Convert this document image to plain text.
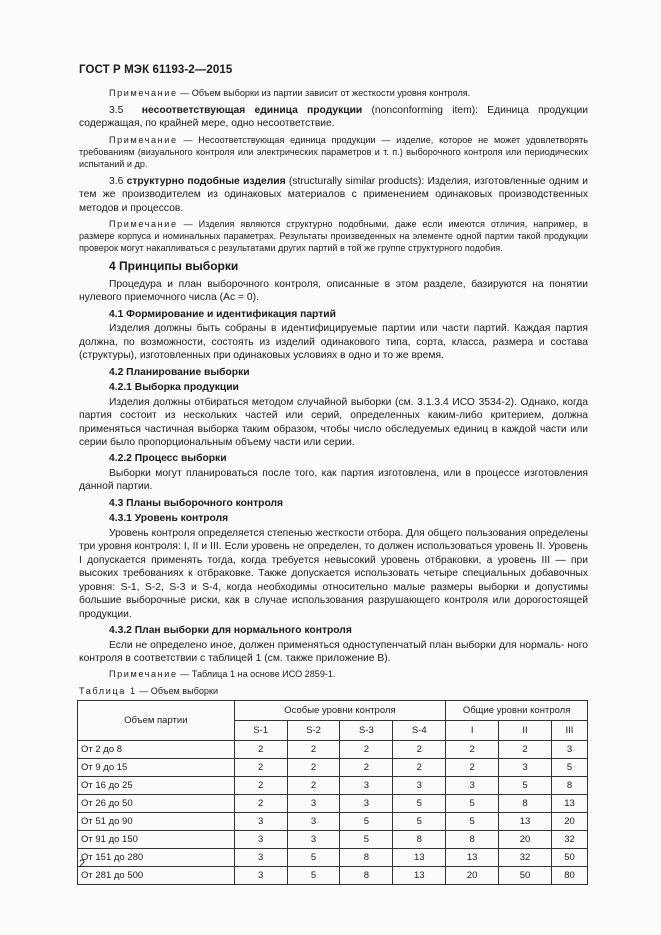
ГОСТ Р МЭК 61193-2—2015

Примечание — Объем выборки из партии зависит от жесткости уровня контроля.

3.5 несоответствующая единица продукции (nonconforming item): Единица продукции содержащая, по крайней мере, одно несоответствие.

Примечание — Несоответствующая единица продукции — изделие, которое не может удовлетворять требованиям (визуального контроля или электрических параметров и т. п.) выборочного контроля или периодических испытаний и др.

3.6 структурно подобные изделия (structurally similar products): Изделия, изготовленные одним и тем же производителем из одинаковых материалов с применением одинаковых производственных методов и процессов.

Примечание — Изделия являются структурно подобными, даже если имеются отличия, например, в размере корпуса и номинальных параметрах. Результаты произведенных на элементе одной партии такой продукции проверок могут накапливаться с результатами других партий в той же группе структурного подобия.

4 Принципы выборки

Процедура и план выборочного контроля, описанные в этом разделе, базируются на понятии нулевого приемочного числа (Ac = 0).

4.1 Формирование и идентификация партий

Изделия должны быть собраны в идентифицируемые партии или части партий. Каждая партия должна, по возможности, состоять из изделий одинакового типа, сорта, класса, размера и состава (структуры), изготовленных при одинаковых условиях в одно и то же время.

4.2 Планирование выборки
4.2.1 Выборка продукции

Изделия должны отбираться методом случайной выборки (см. 3.1.3.4 ИСО 3534-2). Однако, когда партия состоит из нескольких частей или серий, определенных каким-либо критерием, должна применяться частичная выборка таким образом, чтобы число обследуемых единиц в каждой части или серии было пропорциональным объему части или серии.

4.2.2 Процесс выборки

Выборки могут планироваться после того, как партия изготовлена, или в процессе изготовления данной партии.

4.3 Планы выборочного контроля
4.3.1 Уровень контроля

Уровень контроля определяется степенью жесткости отбора. Для общего пользования определены три уровня контроля: I, II и III. Если уровень не определен, то должен использоваться уровень II. Уровень I допускается применять тогда, когда требуется невысокий уровень отбраковки, а уровень III — при высоких требованиях к отбраковке. Также допускается использовать четыре специальных добавочных уровня: S-1, S-2, S-3 и S-4, когда необходимы относительно малые размеры выборки и допустимы большие выборочные риски, как в случае использования разрушающего контроля или дорогостоящей продукции.

4.3.2 План выборки для нормального контроля

Если не определено иное, должен применяться одноступенчатый план выборки для нормаль- ного контроля в соответствии с таблицей 1 (см. также приложение B).

Примечание — Таблица 1 на основе ИСО 2859-1.

Таблица 1 — Объем выборки
Объем партии	Особые уровни контроля				Общие уровни контроля		
	S-1	S-2	S-3	S-4	I	II	III
От 2 до 8	2	2	2	2	2	2	3
От 9 до 15	2	2	2	2	2	3	5
От 16 до 25	2	2	3	3	3	5	8
От 26 до 50	2	3	3	5	5	8	13
От 51 до 90	3	3	5	5	5	13	20
От 91 до 150	3	3	5	8	8	20	32
От 151 до 280	3	5	8	13	13	32	50
От 281 до 500	3	5	8	13	20	50	80
2
